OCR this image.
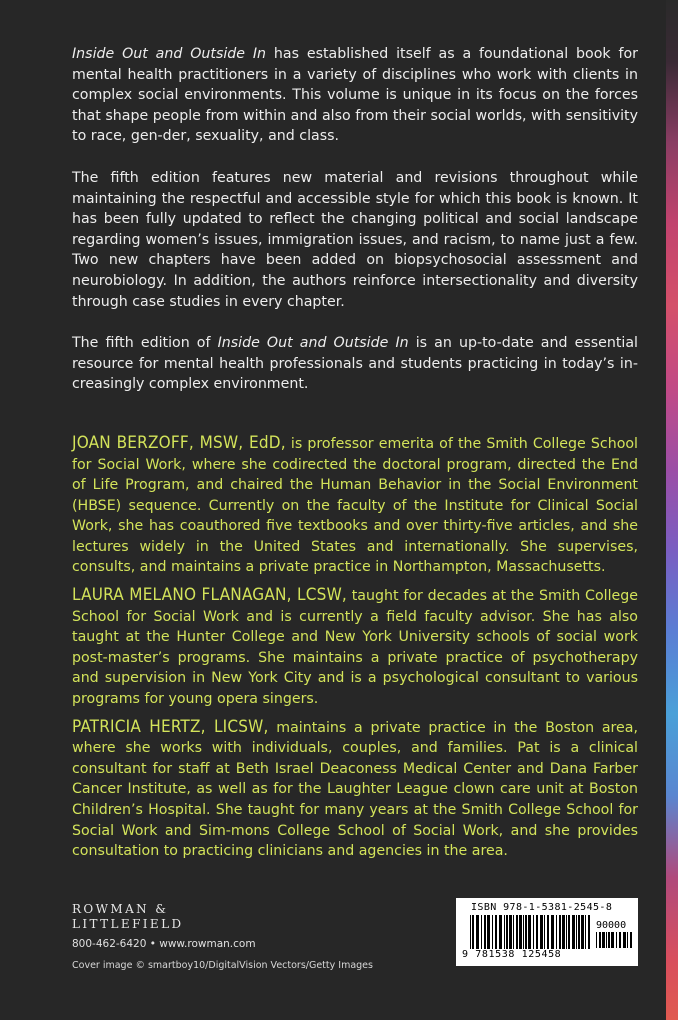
Inside Out and Outside In has established itself as a foundational book for mental health practitioners in a variety of disciplines who work with clients in complex social environments. This volume is unique in its focus on the forces that shape people from within and also from their social worlds, with sensitivity to race, gen-der, sexuality, and class.

The fifth edition features new material and revisions throughout while maintaining the respectful and accessible style for which this book is known. It has been fully updated to reflect the changing political and social landscape regarding women’s issues, immigration issues, and racism, to name just a few. Two new chapters have been added on biopsychosocial assessment and neurobiology. In addition, the authors reinforce intersectionality and diversity through case studies in every chapter.

The fifth edition of Inside Out and Outside In is an up-to-date and essential resource for mental health professionals and students practicing in today’s in-creasingly complex environment.

JOAN BERZOFF, MSW, EdD, is professor emerita of the Smith College School for Social Work, where she codirected the doctoral program, directed the End of Life Program, and chaired the Human Behavior in the Social Environment (HBSE) sequence. Currently on the faculty of the Institute for Clinical Social Work, she has coauthored five textbooks and over thirty-five articles, and she lectures widely in the United States and internationally. She supervises, consults, and maintains a private practice in Northampton, Massachusetts.

LAURA MELANO FLANAGAN, LCSW, taught for decades at the Smith College School for Social Work and is currently a field faculty advisor. She has also taught at the Hunter College and New York University schools of social work post-master’s programs. She maintains a private practice of psychotherapy and supervision in New York City and is a psychological consultant to various programs for young opera singers.

PATRICIA HERTZ, LICSW, maintains a private practice in the Boston area, where she works with individuals, couples, and families. Pat is a clinical consultant for staff at Beth Israel Deaconess Medical Center and Dana Farber Cancer Institute, as well as for the Laughter League clown care unit at Boston Children’s Hospital. She taught for many years at the Smith College School for Social Work and Sim-mons College School of Social Work, and she provides consultation to practicing clinicians and agencies in the area.

ROWMAN &
LITTLEFIELD
800-462-6420 • www.rowman.com
Cover image © smartboy10/DigitalVision Vectors/Getty Images
ISBN 978-1-5381-2545-8
90000
9 781538 125458
